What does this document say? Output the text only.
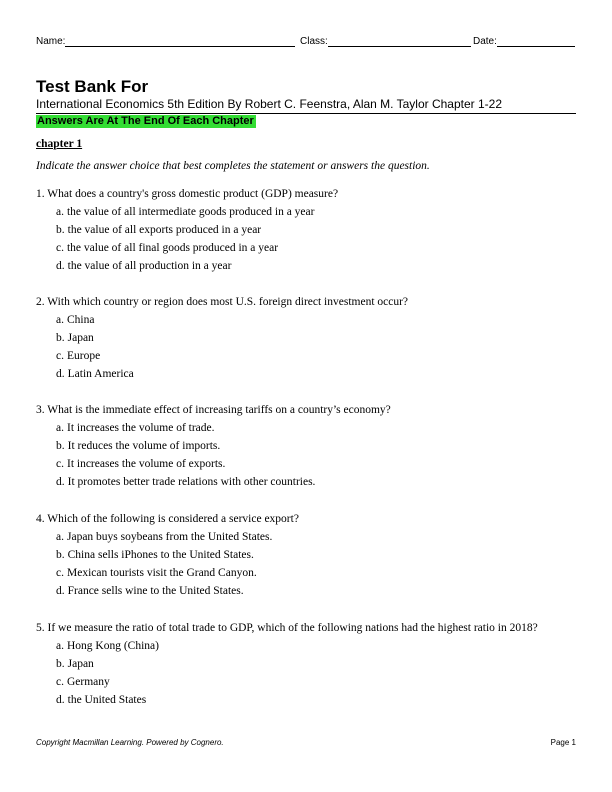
Name:	Class:	Date:
Test Bank For
International Economics 5th Edition By Robert C. Feenstra, Alan M. Taylor Chapter 1-22
Answers Are At The End Of Each Chapter
chapter 1
Indicate the answer choice that best completes the statement or answers the question.
1. What does a country's gross domestic product (GDP) measure?
a. the value of all intermediate goods produced in a year
b. the value of all exports produced in a year
c. the value of all final goods produced in a year
d. the value of all production in a year
2. With which country or region does most U.S. foreign direct investment occur?
a. China
b. Japan
c. Europe
d. Latin America
3. What is the immediate effect of increasing tariffs on a country’s economy?
a. It increases the volume of trade.
b. It reduces the volume of imports.
c. It increases the volume of exports.
d. It promotes better trade relations with other countries.
4. Which of the following is considered a service export?
a. Japan buys soybeans from the United States.
b. China sells iPhones to the United States.
c. Mexican tourists visit the Grand Canyon.
d. France sells wine to the United States.
5. If we measure the ratio of total trade to GDP, which of the following nations had the highest ratio in 2018?
a. Hong Kong (China)
b. Japan
c. Germany
d. the United States
Copyright Macmillan Learning. Powered by Cognero.	Page 1
